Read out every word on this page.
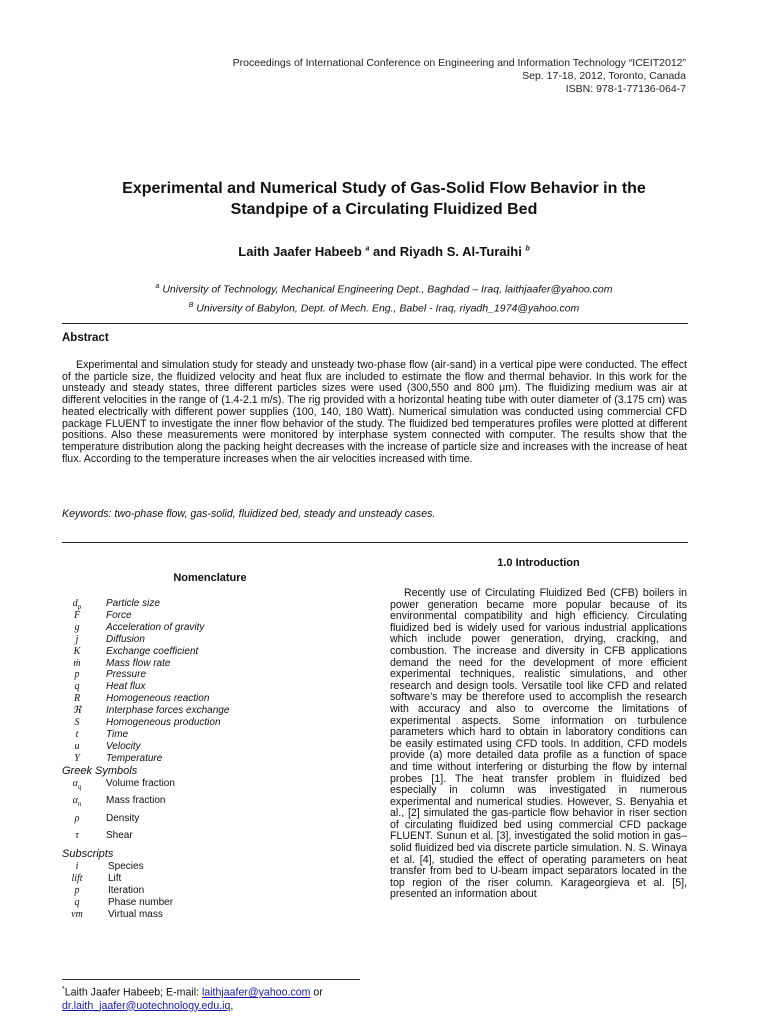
Proceedings of International Conference on Engineering and Information Technology “ICEIT2012”
Sep. 17-18, 2012, Toronto, Canada
ISBN: 978-1-77136-064-7
Experimental and Numerical Study of Gas-Solid Flow Behavior in the
Standpipe of a Circulating Fluidized Bed
Laith Jaafer Habeeb $^a$ and Riyadh S. Al-Turaihi $^b$
$^a$ University of Technology, Mechanical Engineering Dept., Baghdad – Iraq, laithjaafer@yahoo.com
$^B$ University of Babylon, Dept. of Mech. Eng., Babel - Iraq, riyadh_1974@yahoo.com
Abstract
Experimental and simulation study for steady and unsteady two-phase flow (air-sand) in a vertical pipe were conducted. The effect of the particle size, the fluidized velocity and heat flux are included to estimate the flow and thermal behavior. In this work for the unsteady and steady states, three different particles sizes were used (300,550 and 800 μm). The fluidizing medium was air at different velocities in the range of (1.4-2.1 m/s). The rig provided with a horizontal heating tube with outer diameter of (3.175 cm) was heated electrically with different power supplies (100, 140, 180 Watt). Numerical simulation was conducted using commercial CFD package FLUENT to investigate the inner flow behavior of the study. The fluidized bed temperatures profiles were plotted at different positions. Also these measurements were monitored by interphase system connected with computer. The results show that the temperature distribution along the packing height decreases with the increase of particle size and increases with the increase of heat flux. According to the temperature increases when the air velocities increased with time.
Keywords: two-phase flow, gas-solid, fluidized bed, steady and unsteady cases.
Nomenclature
$d_p$	Particle size
F	Force
g	Acceleration of gravity
j	Diffusion
K	Exchange coefficient
ṁ	Mass flow rate
p	Pressure
q	Heat flux
R	Homogeneous reaction
ℜ	Interphase forces exchange
S	Homogeneous production
t	Time
u	Velocity
Y	Temperature
Greek Symbols
$\alpha_q$	Volume fraction
$\alpha_n$	Mass fraction
ρ	Density
τ	Shear
Subscripts
i	Species
lift	Lift
p	Iteration
q	Phase number
vm	Virtual mass
1.0 Introduction
Recently use of Circulating Fluidized Bed (CFB) boilers in power generation became more popular because of its environmental compatibility and high efficiency. Circulating fluidized bed is widely used for various industrial applications which include power generation, drying, cracking, and combustion. The increase and diversity in CFB applications demand the need for the development of more efficient experimental techniques, realistic simulations, and other research and design tools. Versatile tool like CFD and related software’s may be therefore used to accomplish the research with accuracy and also to overcome the limitations of experimental aspects. Some information on turbulence parameters which hard to obtain in laboratory conditions can be easily estimated using CFD tools. In addition, CFD models provide (a) more detailed data profile as a function of space and time without interfering or disturbing the flow by internal probes [1]. The heat transfer problem in fluidized bed especially in column was investigated in numerous experimental and numerical studies. However, S. Benyahia et al., [2] simulated the gas-particle flow behavior in riser section of circulating fluidized bed using commercial CFD package FLUENT. Sunun et al. [3], investigated the solid motion in gas–solid fluidized bed via discrete particle simulation. N. S. Winaya et al. [4], studied the effect of operating parameters on heat transfer from bed to U-beam impact separators located in the top region of the riser column. Karageorgieva et al. [5], presented an information about
*Laith Jaafer Habeeb; E-mail: laithjaafer@yahoo.com or
dr.laith_jaafer@uotechnology.edu.iq,
